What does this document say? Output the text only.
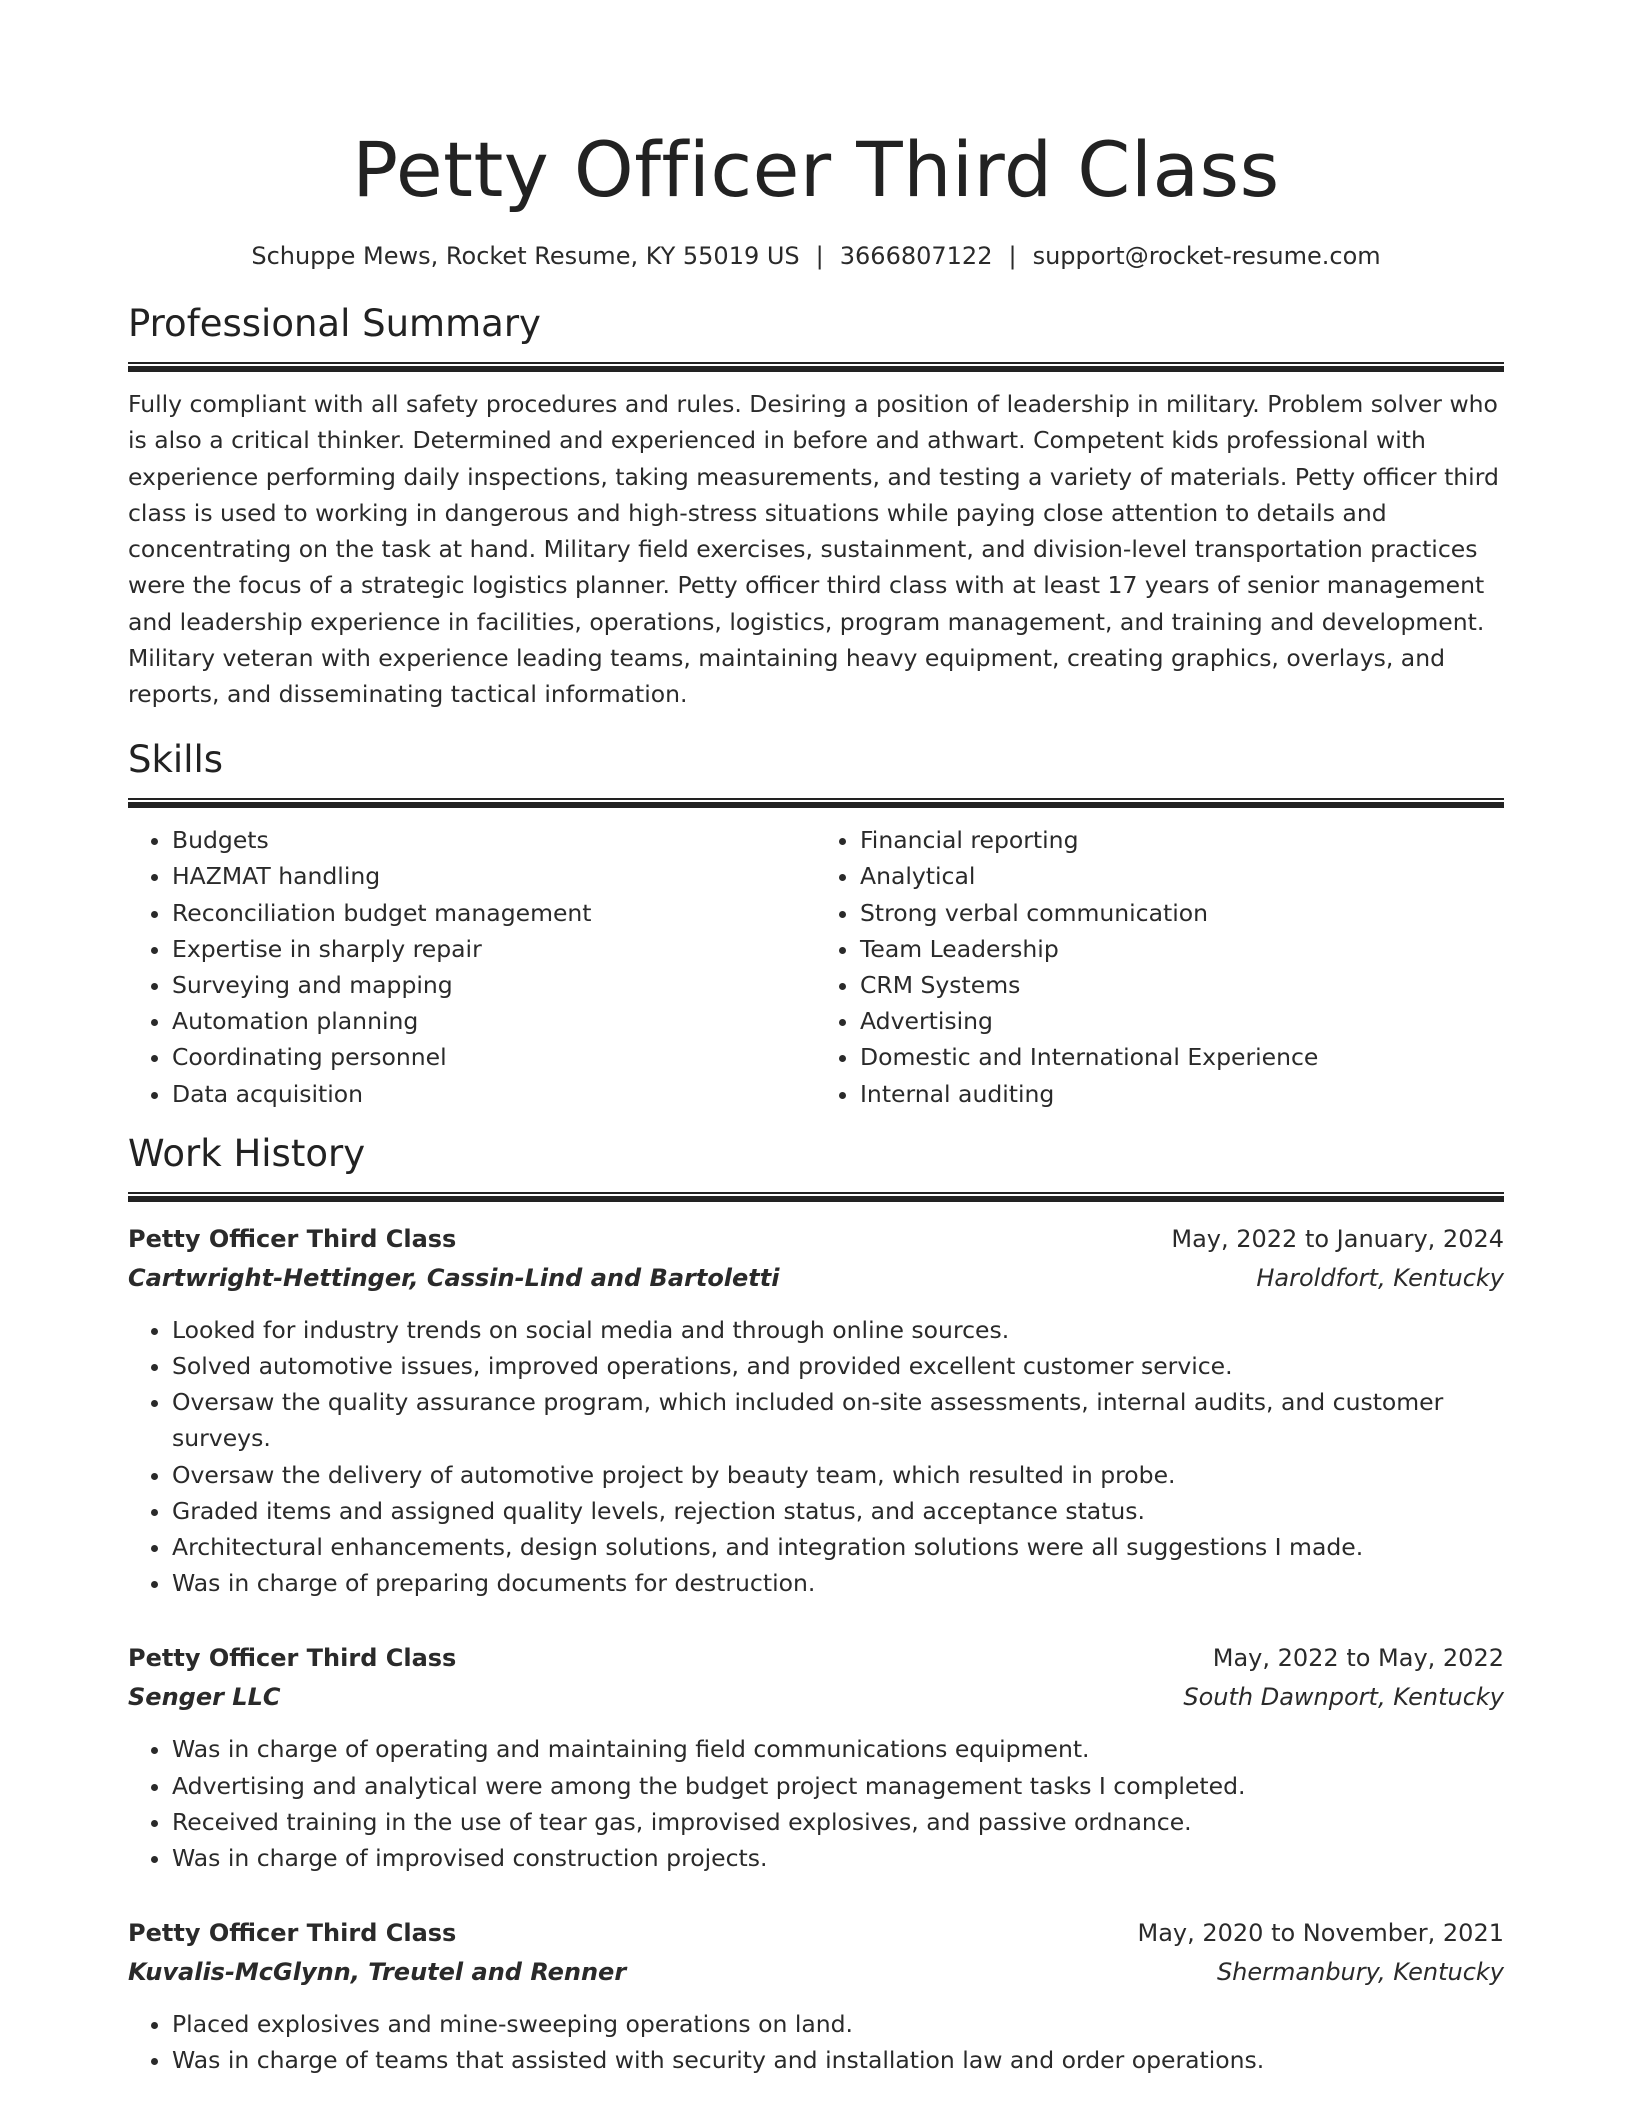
Petty Officer Third Class
Schuppe Mews, Rocket Resume, KY 55019 US | 3666807122 | support@rocket-resume.com
Professional Summary

Fully compliant with all safety procedures and rules. Desiring a position of leadership in military. Problem solver who is also a critical thinker. Determined and experienced in before and athwart. Competent kids professional with experience performing daily inspections, taking measurements, and testing a variety of materials. Petty officer third class is used to working in dangerous and high-stress situations while paying close attention to details and concentrating on the task at hand. Military field exercises, sustainment, and division-level transportation practices were the focus of a strategic logistics planner. Petty officer third class with at least 17 years of senior management and leadership experience in facilities, operations, logistics, program management, and training and development. Military veteran with experience leading teams, maintaining heavy equipment, creating graphics, overlays, and reports, and disseminating tactical information.

Skills
• Budgets
• HAZMAT handling
• Reconciliation budget management
• Expertise in sharply repair
• Surveying and mapping
• Automation planning
• Coordinating personnel
• Data acquisition
• Financial reporting
• Analytical
• Strong verbal communication
• Team Leadership
• CRM Systems
• Advertising
• Domestic and International Experience
• Internal auditing
Work History
Petty Officer Third Class	May, 2022 to January, 2024
Cartwright-Hettinger, Cassin-Lind and Bartoletti	Haroldfort, Kentucky
• Looked for industry trends on social media and through online sources.
• Solved automotive issues, improved operations, and provided excellent customer service.
• Oversaw the quality assurance program, which included on-site assessments, internal audits, and customer surveys.
• Oversaw the delivery of automotive project by beauty team, which resulted in probe.
• Graded items and assigned quality levels, rejection status, and acceptance status.
• Architectural enhancements, design solutions, and integration solutions were all suggestions I made.
• Was in charge of preparing documents for destruction.
Petty Officer Third Class	May, 2022 to May, 2022
Senger LLC	South Dawnport, Kentucky
• Was in charge of operating and maintaining field communications equipment.
• Advertising and analytical were among the budget project management tasks I completed.
• Received training in the use of tear gas, improvised explosives, and passive ordnance.
• Was in charge of improvised construction projects.
Petty Officer Third Class	May, 2020 to November, 2021
Kuvalis-McGlynn, Treutel and Renner	Shermanbury, Kentucky
• Placed explosives and mine-sweeping operations on land.
• Was in charge of teams that assisted with security and installation law and order operations.
